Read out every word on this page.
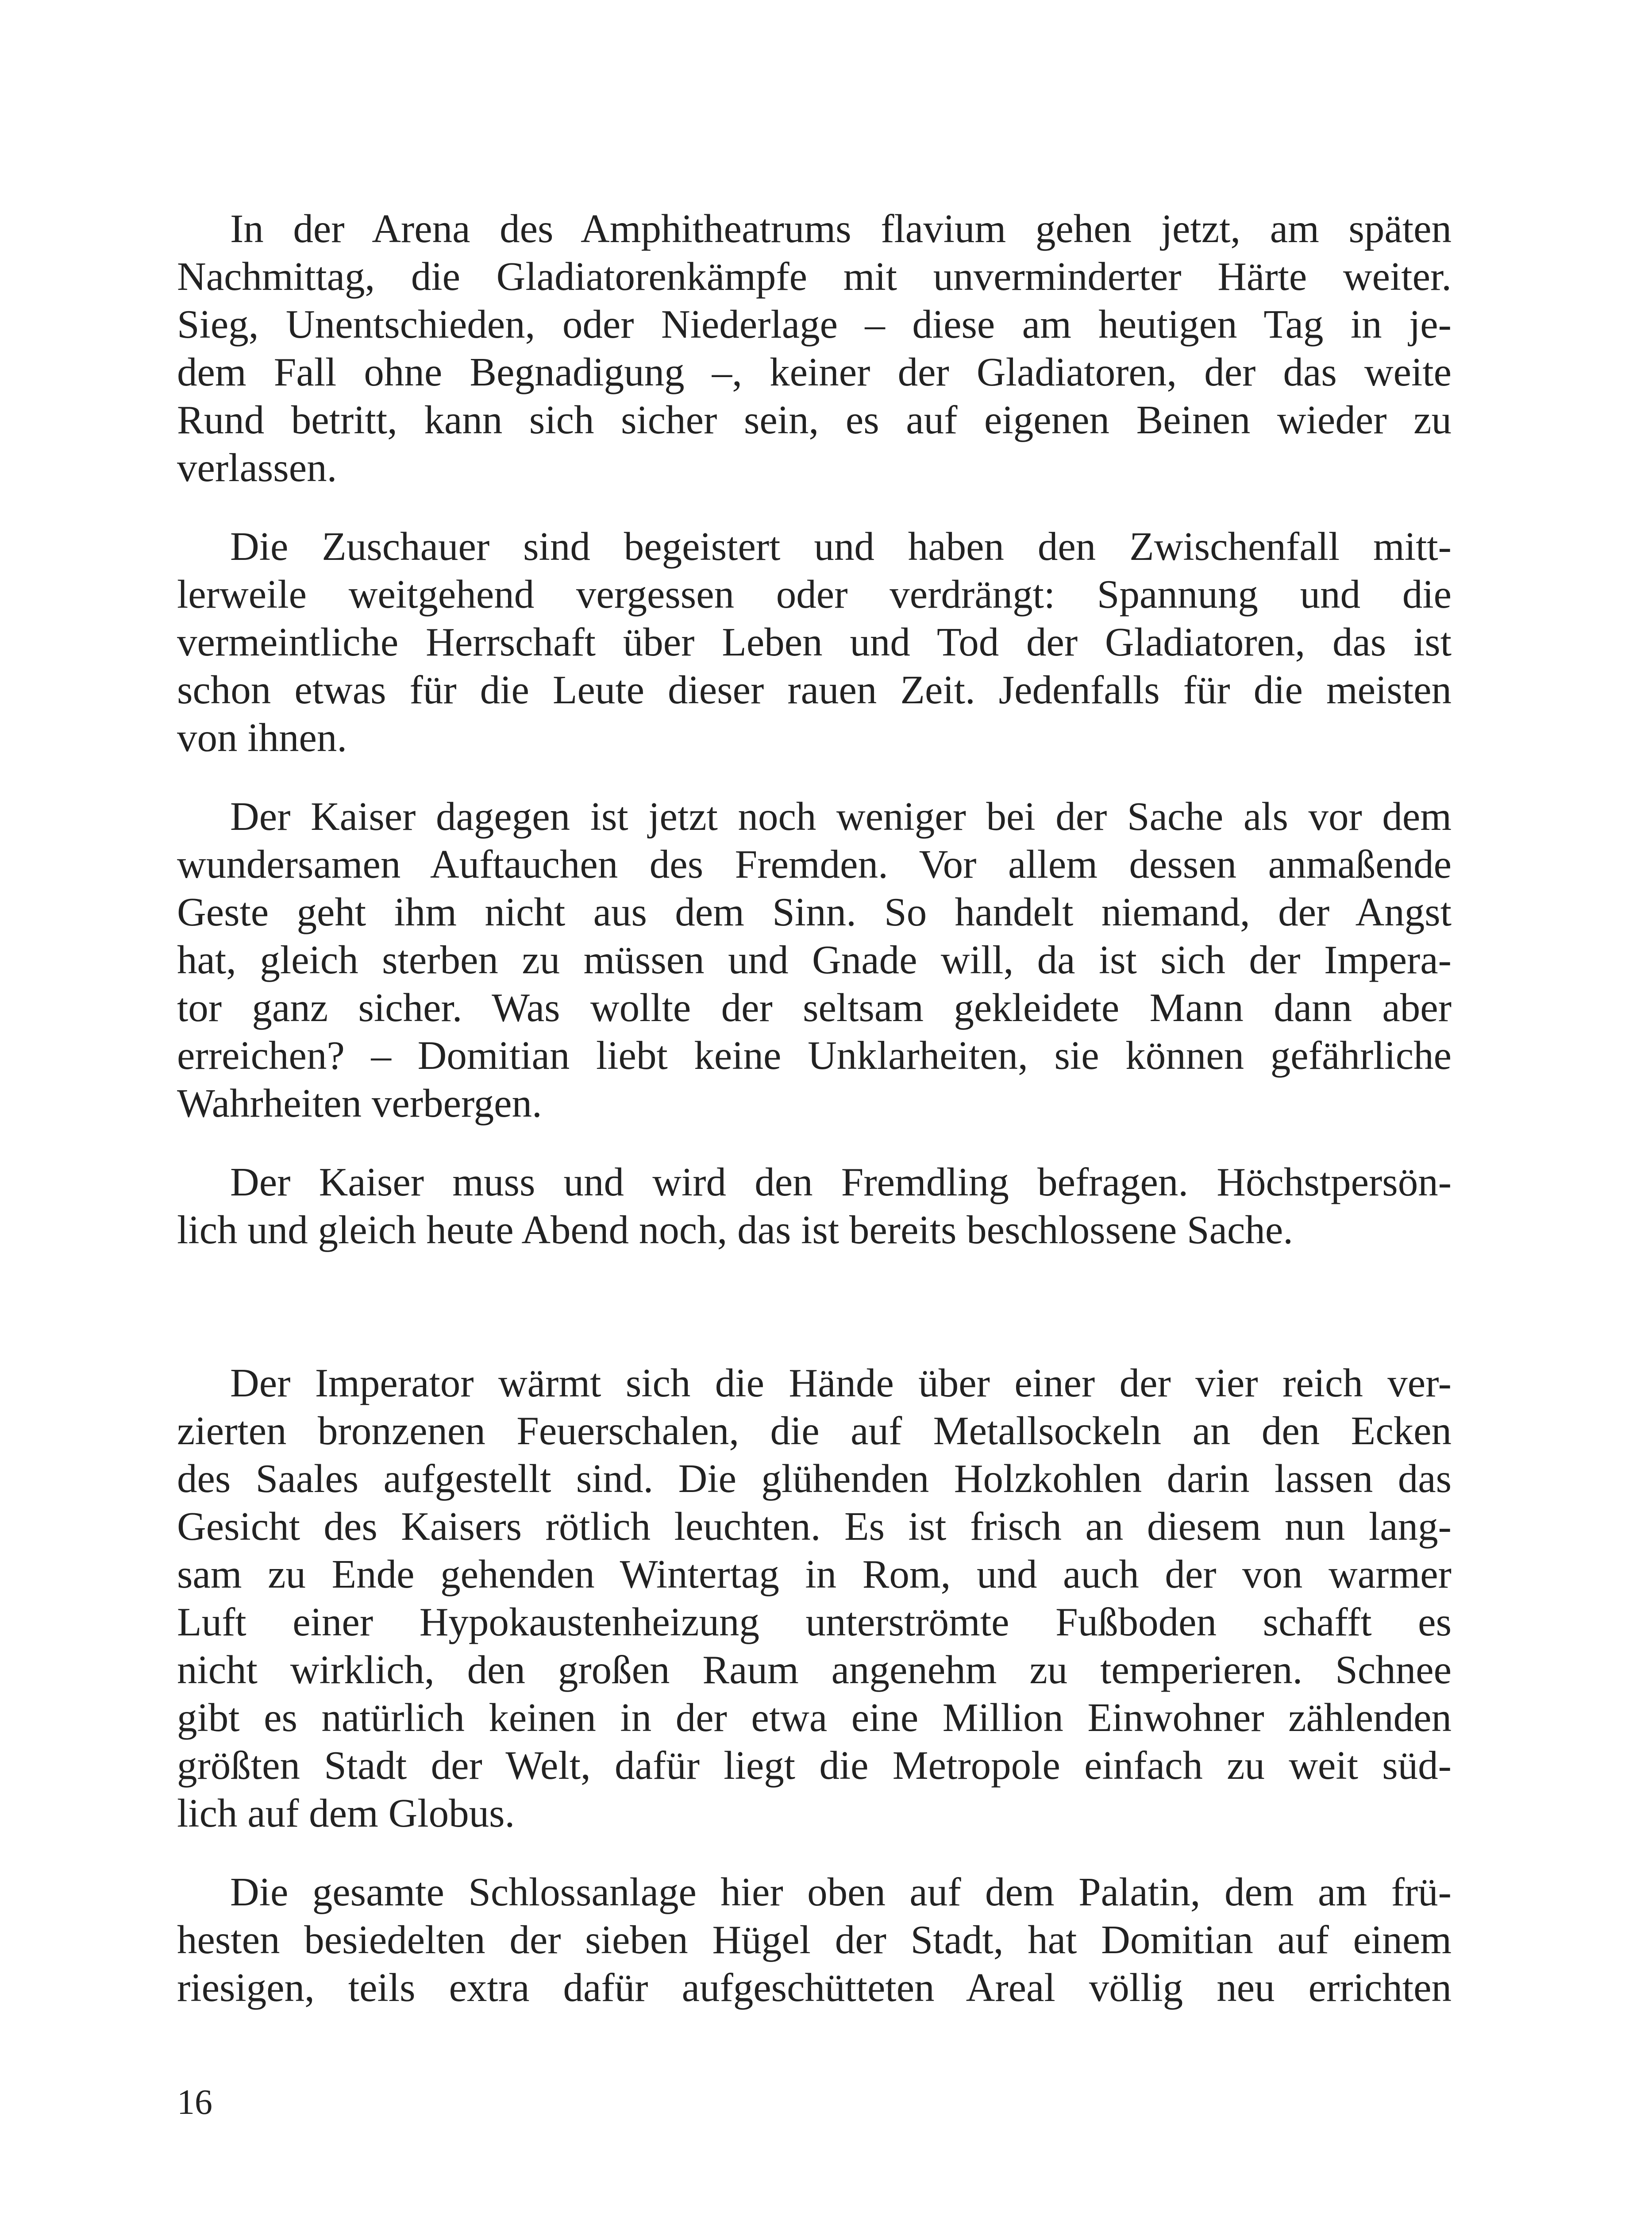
In der Arena des Amphitheatrums flavium gehen jetzt, am späten
Nachmittag, die Gladiatorenkämpfe mit unverminderter Härte weiter.
Sieg, Unentschieden, oder Niederlage – diese am heutigen Tag in je-
dem Fall ohne Begnadigung –, keiner der Gladiatoren, der das weite
Rund betritt, kann sich sicher sein, es auf eigenen Beinen wieder zu
verlassen.
Die Zuschauer sind begeistert und haben den Zwischenfall mitt-
lerweile weitgehend vergessen oder verdrängt: Spannung und die
vermeintliche Herrschaft über Leben und Tod der Gladiatoren, das ist
schon etwas für die Leute dieser rauen Zeit. Jedenfalls für die meisten
von ihnen.
Der Kaiser dagegen ist jetzt noch weniger bei der Sache als vor dem
wundersamen Auftauchen des Fremden. Vor allem dessen anmaßende
Geste geht ihm nicht aus dem Sinn. So handelt niemand, der Angst
hat, gleich sterben zu müssen und Gnade will, da ist sich der Impera-
tor ganz sicher. Was wollte der seltsam gekleidete Mann dann aber
erreichen? – Domitian liebt keine Unklarheiten, sie können gefährliche
Wahrheiten verbergen.
Der Kaiser muss und wird den Fremdling befragen. Höchstpersön-
lich und gleich heute Abend noch, das ist bereits beschlossene Sache.
Der Imperator wärmt sich die Hände über einer der vier reich ver-
zierten bronzenen Feuerschalen, die auf Metallsockeln an den Ecken
des Saales aufgestellt sind. Die glühenden Holzkohlen darin lassen das
Gesicht des Kaisers rötlich leuchten. Es ist frisch an diesem nun lang-
sam zu Ende gehenden Wintertag in Rom, und auch der von warmer
Luft einer Hypokaustenheizung unterströmte Fußboden schafft es
nicht wirklich, den großen Raum angenehm zu temperieren. Schnee
gibt es natürlich keinen in der etwa eine Million Einwohner zählenden
größten Stadt der Welt, dafür liegt die Metropole einfach zu weit süd-
lich auf dem Globus.
Die gesamte Schlossanlage hier oben auf dem Palatin, dem am frü-
hesten besiedelten der sieben Hügel der Stadt, hat Domitian auf einem
riesigen, teils extra dafür aufgeschütteten Areal völlig neu errichten
16
